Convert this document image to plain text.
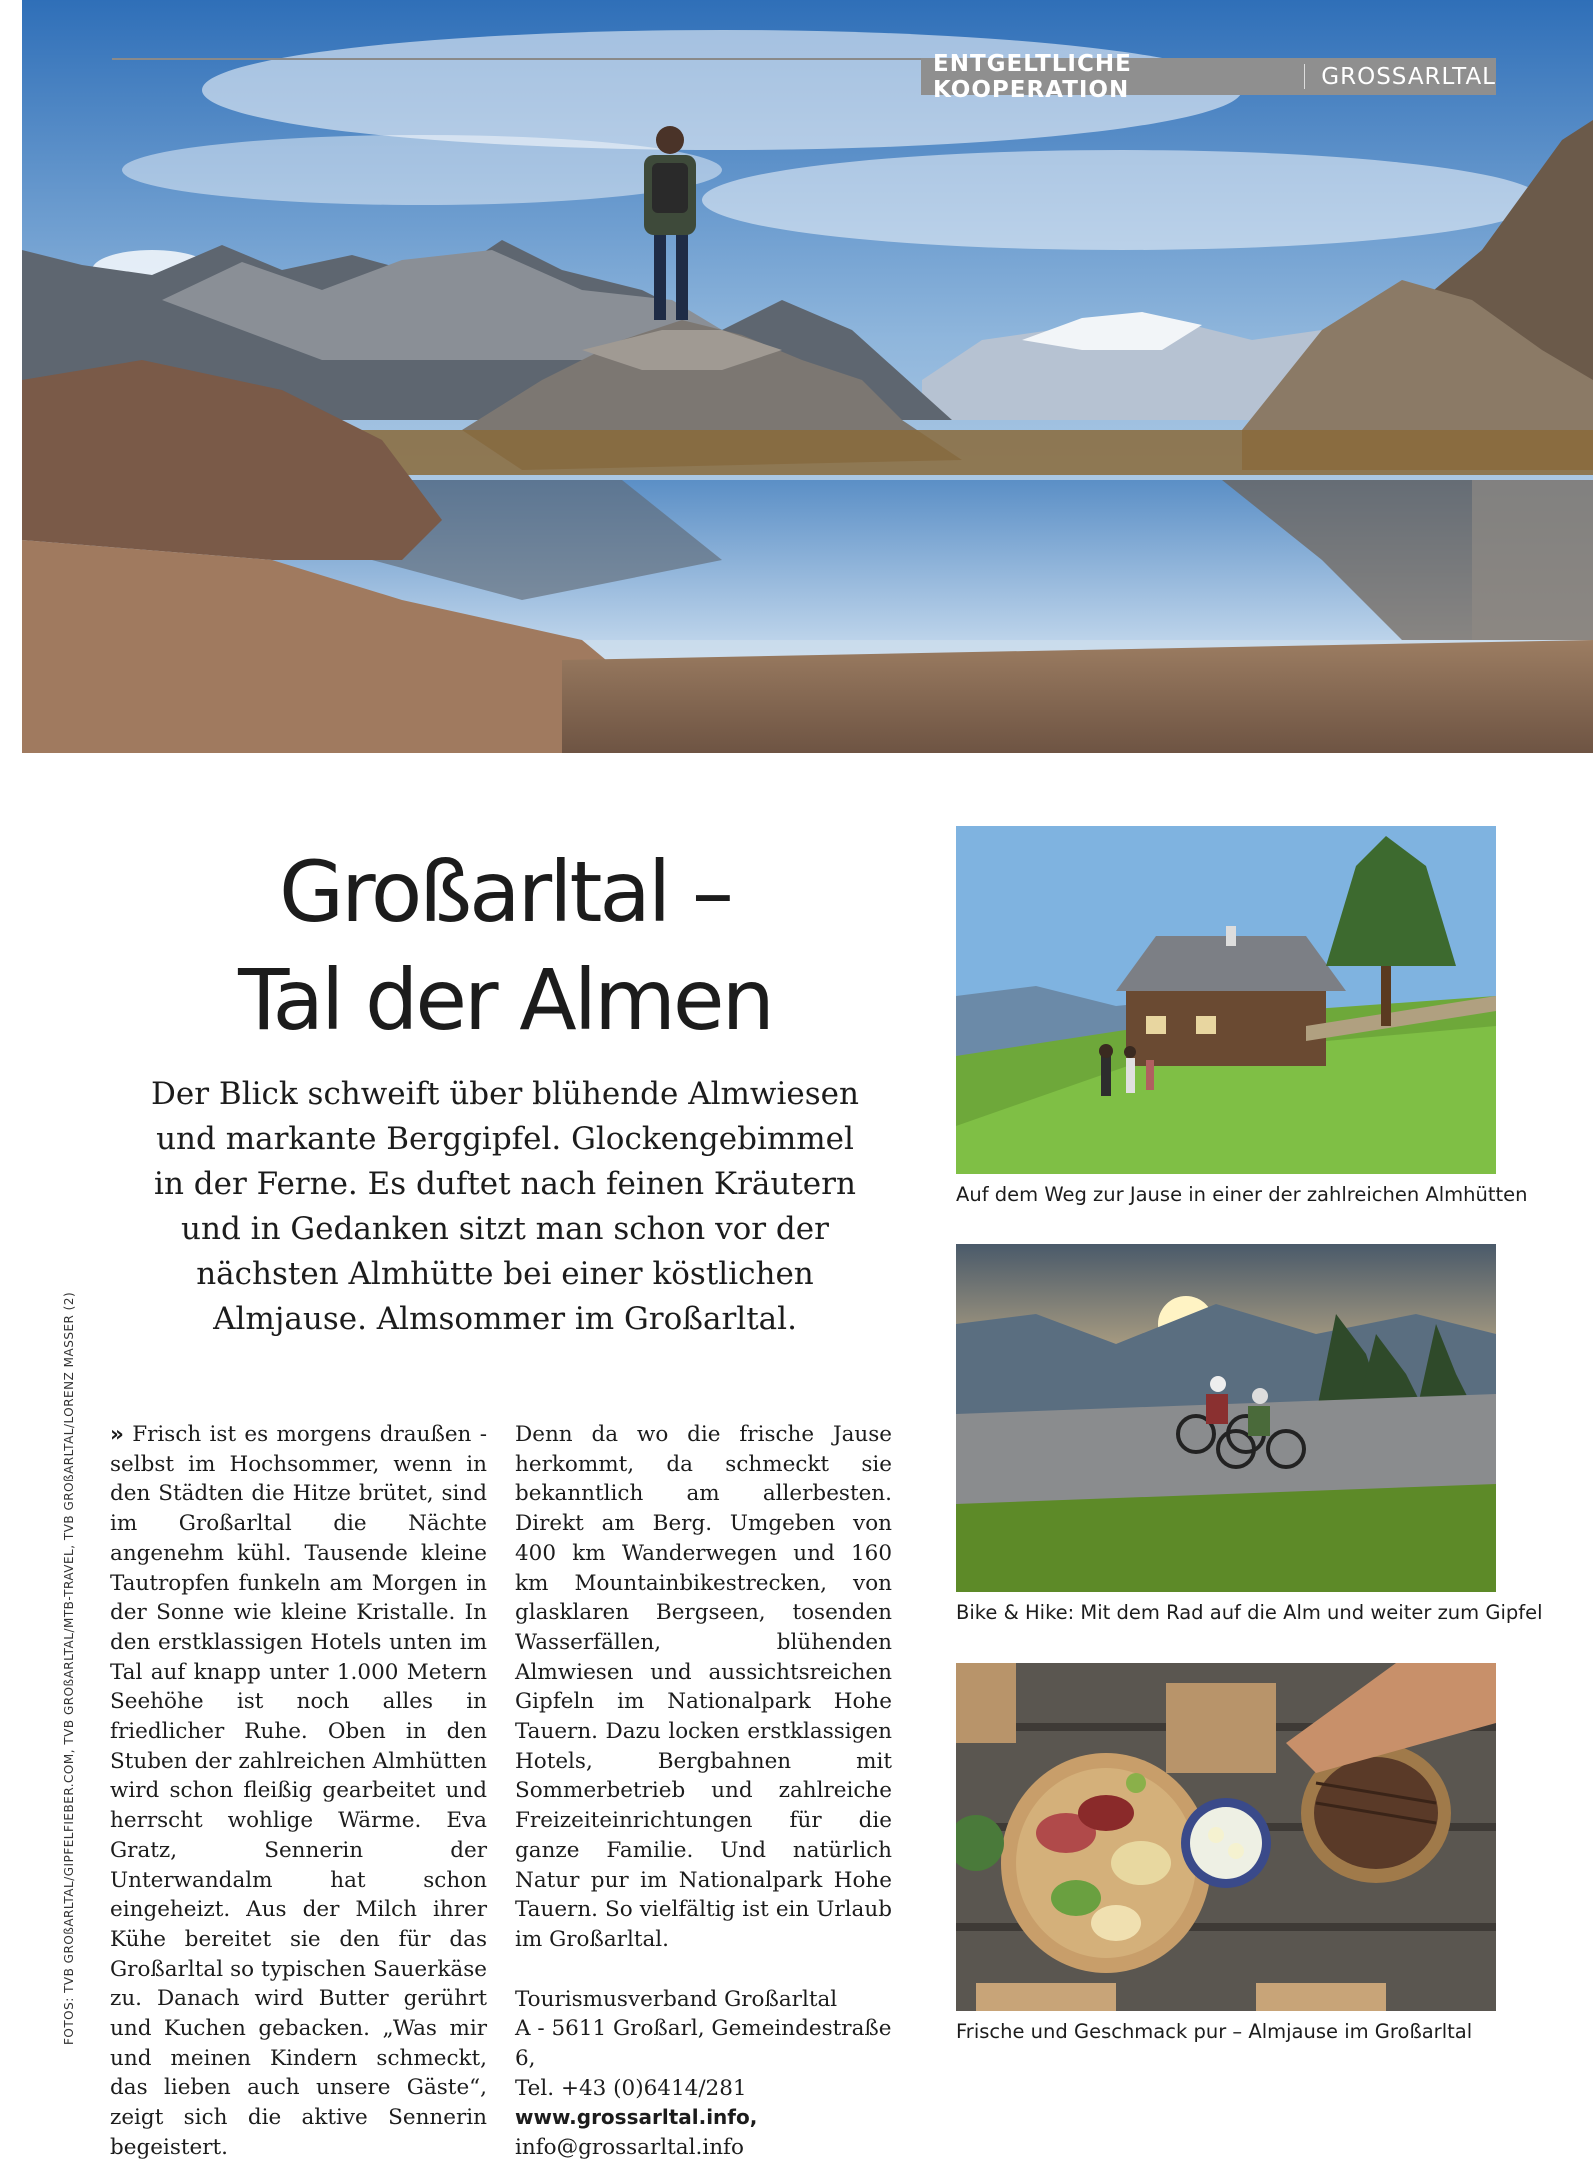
ENTGELTLICHE KOOPERATION	GROSSARLTAL
Großarltal –
Tal der Almen

Der Blick schweift über blühende Almwiesen und markante Berggipfel. Glockengebimmel in der Ferne. Es duftet nach feinen Kräutern und in Gedanken sitzt man schon vor der nächsten Almhütte bei einer köstlichen Almjause. Almsommer im Großarltal.

FOTOS: TVB GROßARLTAL/GIPFELFIEBER.COM, TVB GROßARLTAL/MTB-TRAVEL, TVB GROßARLTAL/LORENZ MASSER (2) » Frisch ist es morgens draußen - selbst im Hochsommer, wenn in den Städten die Hitze brütet, sind im Großarltal die Nächte angenehm kühl. Tausende kleine Tautropfen funkeln am Morgen in der Sonne wie kleine Kristalle. In den erstklassigen Hotels unten im Tal auf knapp unter 1.000 Metern Seehöhe ist noch alles in friedlicher Ruhe. Oben in den Stuben der zahlreichen Almhütten wird schon fleißig gearbeitet und herrscht wohlige Wärme. Eva Gratz, Sennerin der Unterwandalm hat schon eingeheizt. Aus der Milch ihrer Kühe bereitet sie den für das Großarltal so typischen Sauerkäse zu. Danach wird Butter gerührt und Kuchen gebacken. „Was mir und meinen Kindern schmeckt, das lieben auch unsere Gäste“, zeigt sich die aktive Sennerin begeistert.

Denn da wo die frische Jause herkommt, da schmeckt sie bekanntlich am allerbesten. Direkt am Berg. Umgeben von 400 km Wanderwegen und 160 km Mountainbikestrecken, von glasklaren Bergseen, tosenden Wasserfällen, blühenden Almwiesen und aussichtsreichen Gipfeln im Nationalpark Hohe Tauern. Dazu locken erstklassigen Hotels, Bergbahnen mit Sommerbetrieb und zahlreiche Freizeiteinrichtungen für die ganze Familie. Und natürlich Natur pur im Nationalpark Hohe Tauern. So vielfältig ist ein Urlaub im Großarltal.

Tourismusverband Großarltal
A - 5611 Großarl, Gemeindestraße 6,
Tel. +43 (0)6414/281
www.grossarltal.info,
info@grossarltal.info

Auf dem Weg zur Jause in einer der zahlreichen Almhütten
Bike & Hike: Mit dem Rad auf die Alm und weiter zum Gipfel
Frische und Geschmack pur – Almjause im Großarltal
